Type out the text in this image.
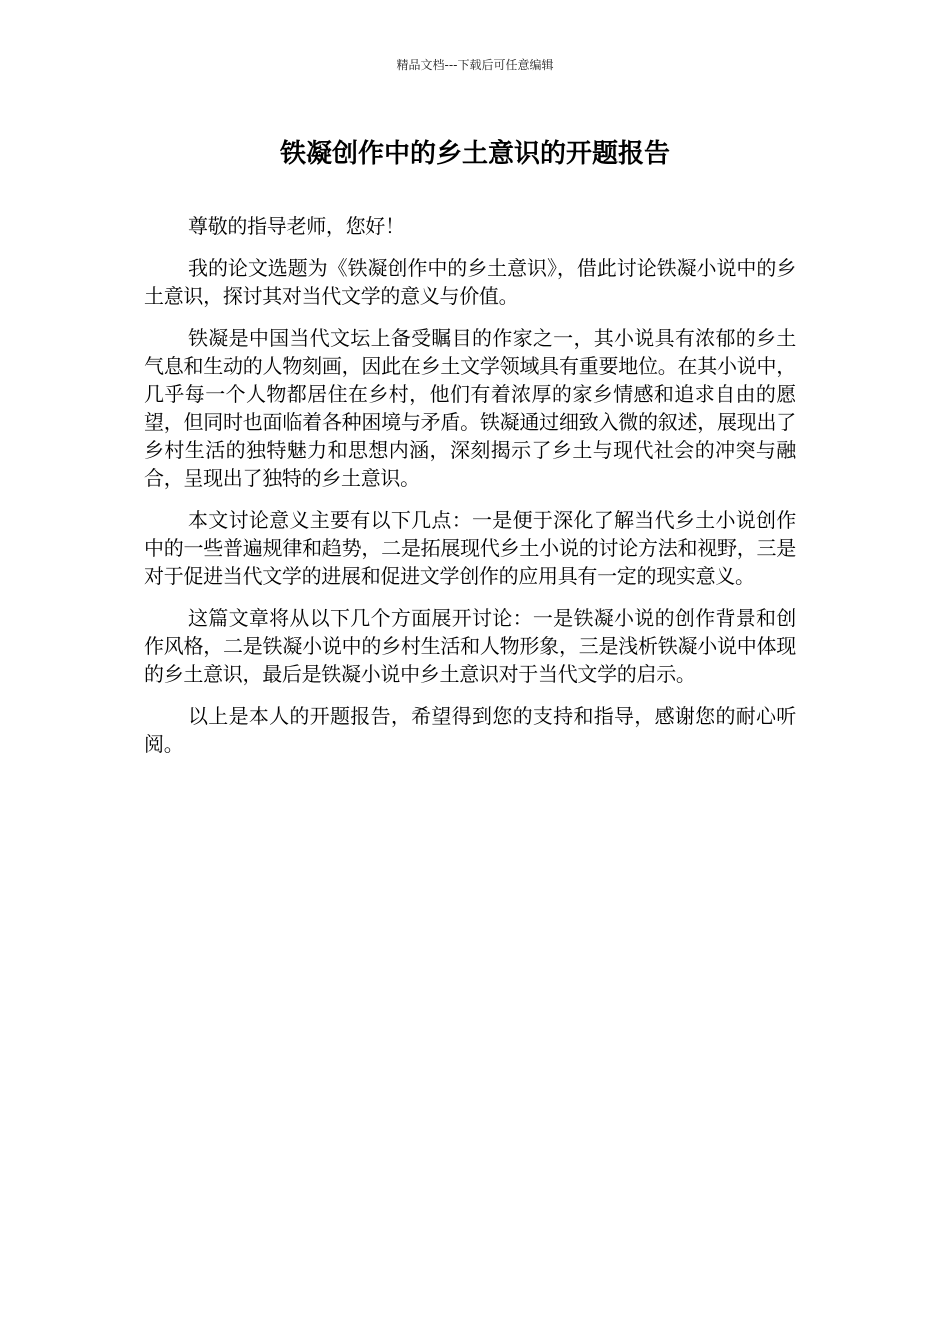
精品文档---下载后可任意编辑
铁凝创作中的乡土意识的开题报告

尊敬的指导老师，您好！

我的论文选题为《铁凝创作中的乡土意识》，借此讨论铁凝小说中的乡土意识，探讨其对当代文学的意义与价值。

铁凝是中国当代文坛上备受瞩目的作家之一，其小说具有浓郁的乡土气息和生动的人物刻画，因此在乡土文学领域具有重要地位。在其小说中，几乎每一个人物都居住在乡村，他们有着浓厚的家乡情感和追求自由的愿望，但同时也面临着各种困境与矛盾。铁凝通过细致入微的叙述，展现出了乡村生活的独特魅力和思想内涵，深刻揭示了乡土与现代社会的冲突与融合，呈现出了独特的乡土意识。

本文讨论意义主要有以下几点：一是便于深化了解当代乡土小说创作中的一些普遍规律和趋势，二是拓展现代乡土小说的讨论方法和视野，三是对于促进当代文学的进展和促进文学创作的应用具有一定的现实意义。

这篇文章将从以下几个方面展开讨论：一是铁凝小说的创作背景和创作风格，二是铁凝小说中的乡村生活和人物形象，三是浅析铁凝小说中体现的乡土意识，最后是铁凝小说中乡土意识对于当代文学的启示。

以上是本人的开题报告，希望得到您的支持和指导，感谢您的耐心听阅。
